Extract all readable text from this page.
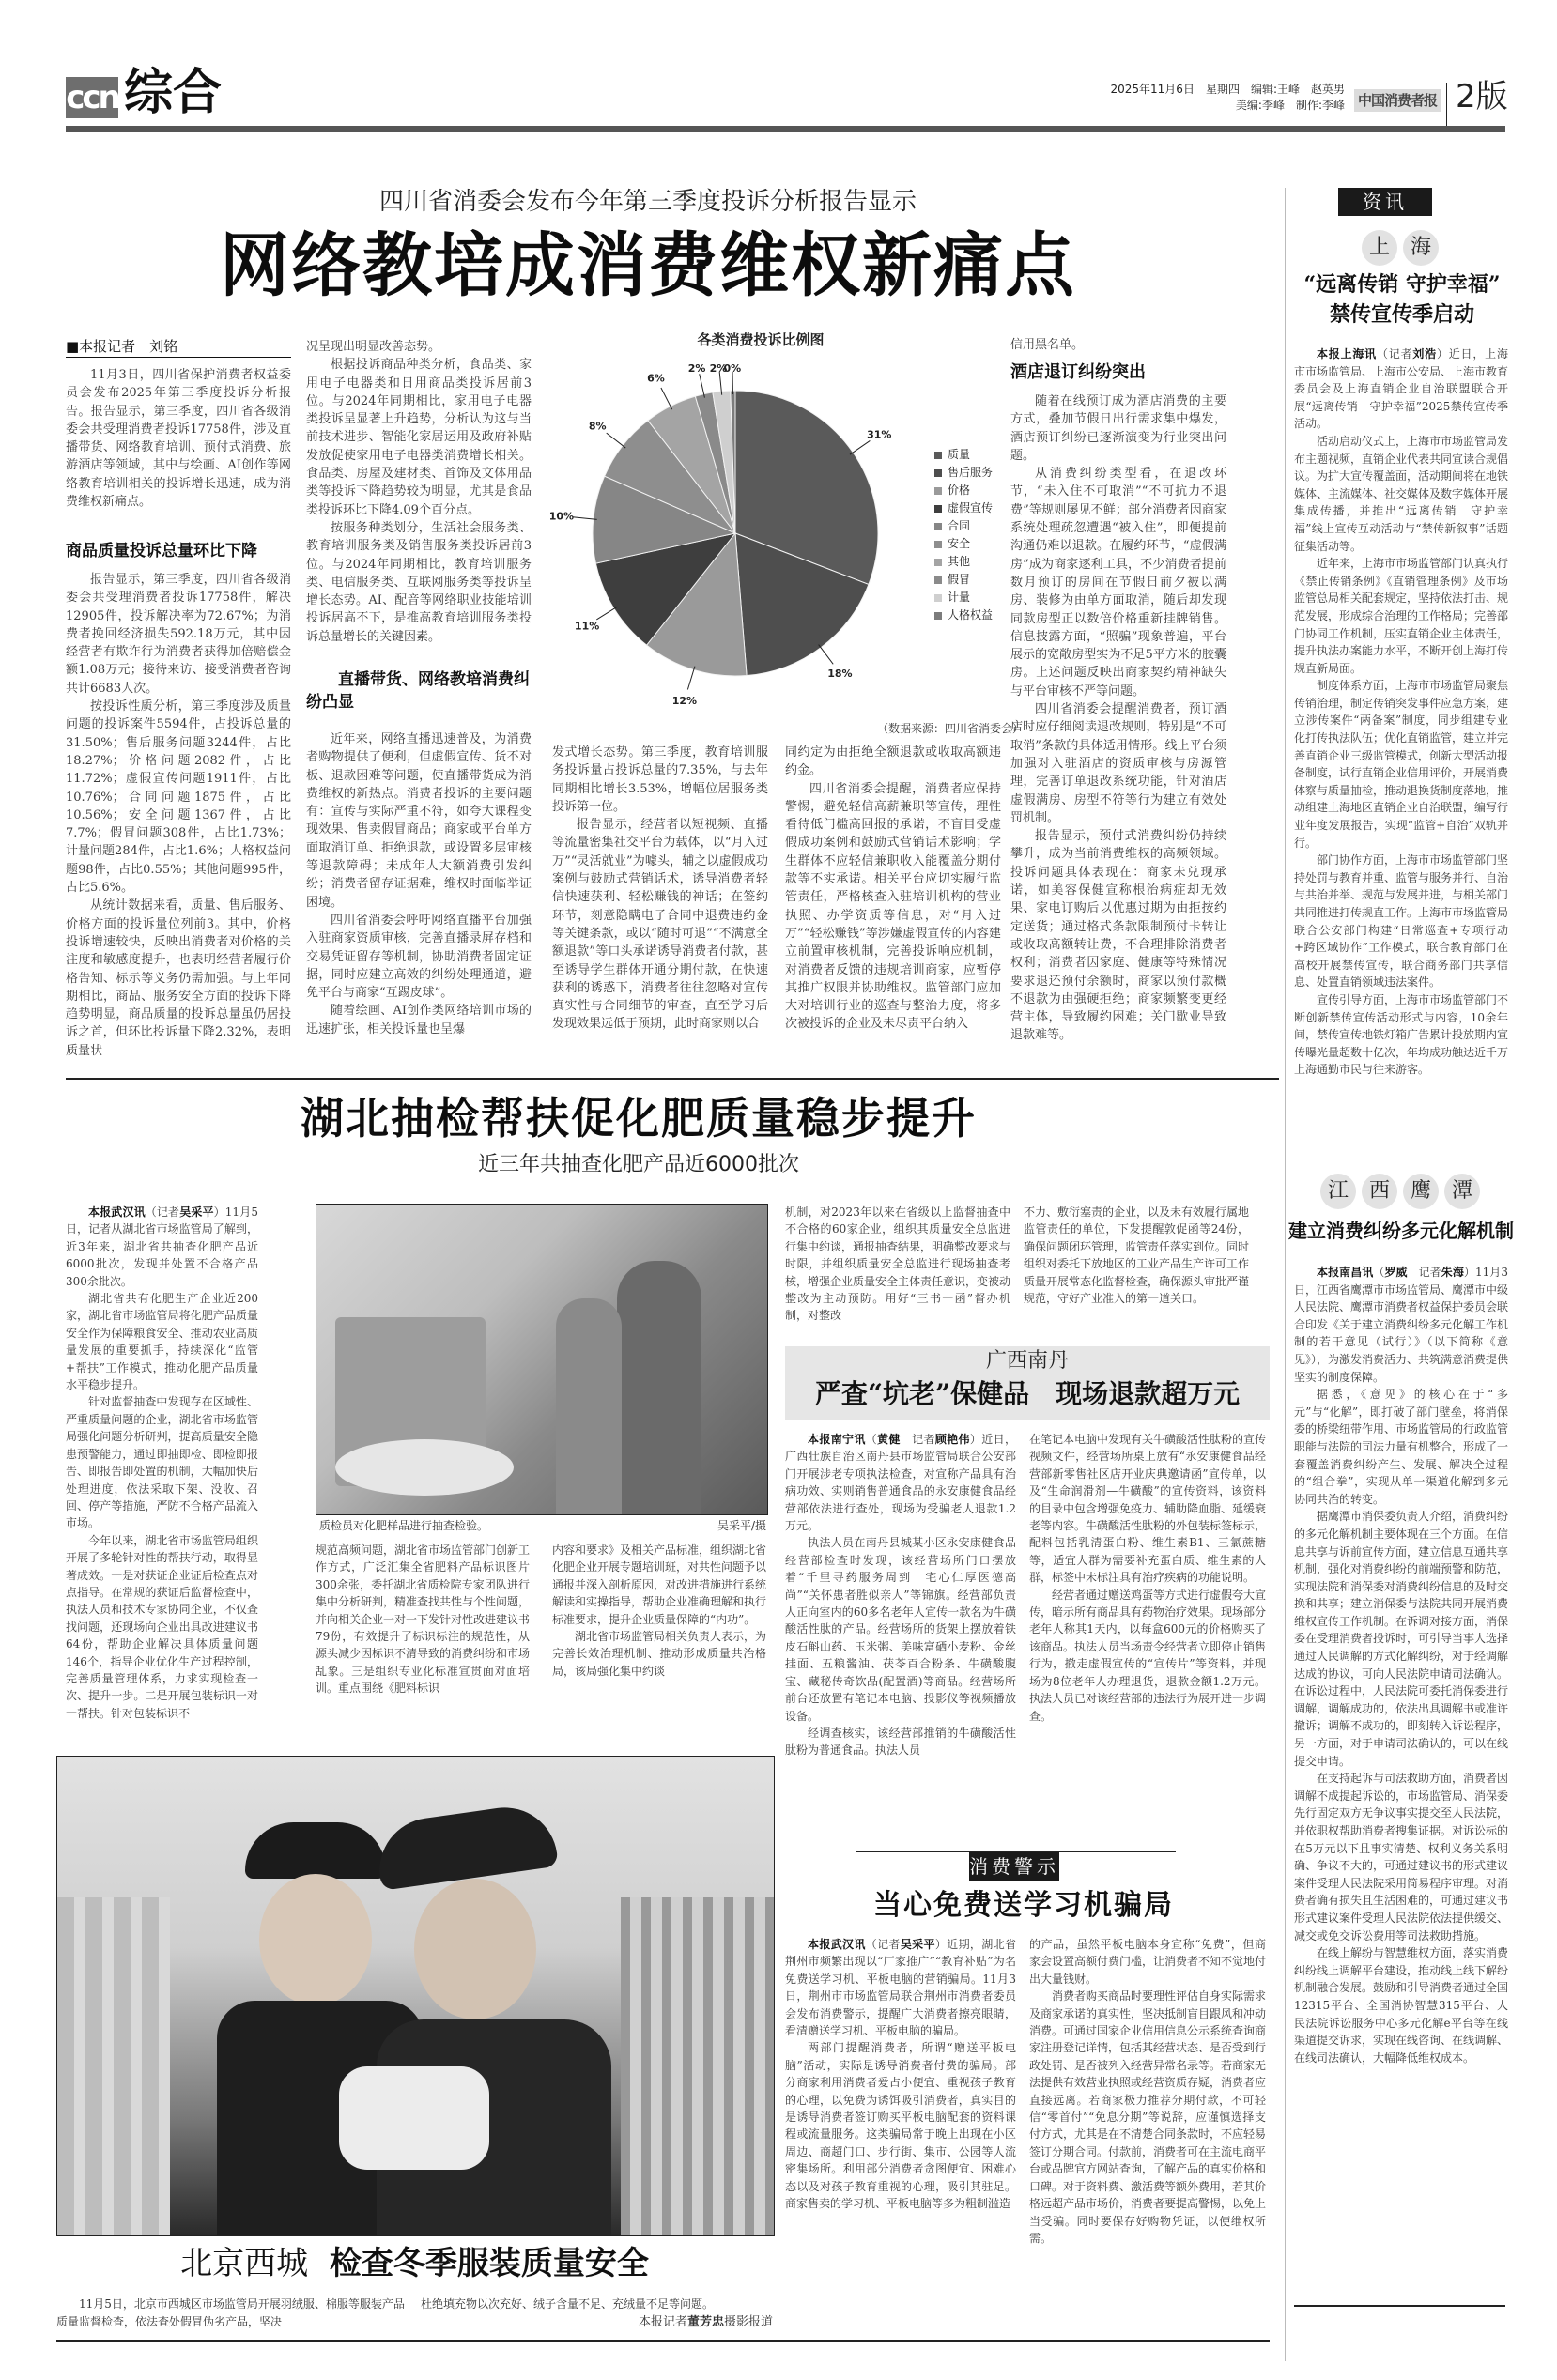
ccn 综合	2025年11月6日　星期四　编辑:王峰　赵英男
美编:李峰　制作:李峰 中国消费者报 2版
四川省消委会发布今年第三季度投诉分析报告显示
网络教培成消费维权新痛点
■本报记者　刘铭

11月3日，四川省保护消费者权益委员会发布2025年第三季度投诉分析报告。报告显示，第三季度，四川省各级消委会共受理消费者投诉17758件，涉及直播带货、网络教育培训、预付式消费、旅游酒店等领域，其中与绘画、AI创作等网络教育培训相关的投诉增长迅速，成为消费维权新痛点。

商品质量投诉总量环比下降

报告显示，第三季度，四川省各级消委会共受理消费者投诉17758件，解决12905件，投诉解决率为72.67%；为消费者挽回经济损失592.18万元，其中因经营者有欺诈行为消费者获得加倍赔偿金额1.08万元；接待来访、接受消费者咨询共计6683人次。

按投诉性质分析，第三季度涉及质量问题的投诉案件5594件，占投诉总量的31.50%；售后服务问题3244件，占比18.27%；价格问题2082件，占比11.72%；虚假宣传问题1911件，占比10.76%；合同问题1875件，占比10.56%；安全问题1367件，占比7.7%；假冒问题308件，占比1.73%；计量问题284件，占比1.6%；人格权益问题98件，占比0.55%；其他问题995件，占比5.6%。

从统计数据来看，质量、售后服务、价格方面的投诉量位列前3。其中，价格投诉增速较快，反映出消费者对价格的关注度和敏感度提升，也表明经营者履行价格告知、标示等义务仍需加强。与上年同期相比，商品、服务安全方面的投诉下降趋势明显，商品质量的投诉总量虽仍居投诉之首，但环比投诉量下降2.32%，表明质量状

况呈现出明显改善态势。

根据投诉商品种类分析，食品类、家用电子电器类和日用商品类投诉居前3位。与2024年同期相比，家用电子电器类投诉呈显著上升趋势，分析认为这与当前技术进步、智能化家居运用及政府补贴发放促使家用电子电器类消费增长相关。食品类、房屋及建材类、首饰及文体用品类等投诉下降趋势较为明显，尤其是食品类投诉环比下降4.09个百分点。

按服务种类划分，生活社会服务类、教育培训服务类及销售服务类投诉居前3位。与2024年同期相比，教育培训服务类、电信服务类、互联网服务类等投诉呈增长态势。AI、配音等网络职业技能培训投诉居高不下，是推高教育培训服务类投诉总量增长的关键因素。

直播带货、网络教培消费纠纷凸显

近年来，网络直播迅速普及，为消费者购物提供了便利，但虚假宣传、货不对板、退款困难等问题，使直播带货成为消费维权的新热点。消费者投诉的主要问题有：宣传与实际严重不符，如夸大课程变现效果、售卖假冒商品；商家或平台单方面取消订单、拒绝退款，或设置多层审核等退款障碍；未成年人大额消费引发纠纷；消费者留存证据难，维权时面临举证困境。

四川省消委会呼吁网络直播平台加强入驻商家资质审核，完善直播录屏存档和交易凭证留存等机制，协助消费者固定证据，同时应建立高效的纠纷处理通道，避免平台与商家“互踢皮球”。

随着绘画、AI创作类网络培训市场的迅速扩张，相关投诉量也呈爆

各类消费投诉比例图
31%
18%
12%
11%
10%
8%
6%
2% 2%
0%
质量
售后服务
价格
虚假宣传
合同
安全
其他
假冒
计量
人格权益
（数据来源：四川省消委会）

发式增长态势。第三季度，教育培训服务投诉量占投诉总量的7.35%，与去年同期相比增长3.53%，增幅位居服务类投诉第一位。

报告显示，经营者以短视频、直播等流量密集社交平台为载体，以“月入过万”“灵活就业”为噱头，辅之以虚假成功案例与鼓励式营销话术，诱导消费者轻信快速获利、轻松赚钱的神话；在签约环节，刻意隐瞒电子合同中退费违约金等关键条款，或以“随时可退”“不满意全额退款”等口头承诺诱导消费者付款，甚至诱导学生群体开通分期付款，在快速获利的诱惑下，消费者往往忽略对宣传真实性与合同细节的审查，直至学习后发现效果远低于预期，此时商家则以合

同约定为由拒绝全额退款或收取高额违约金。

四川省消委会提醒，消费者应保持警惕，避免轻信高薪兼职等宣传，理性看待低门槛高回报的承诺，不盲目受虚假成功案例和鼓励式营销话术影响；学生群体不应轻信兼职收入能覆盖分期付款等不实承诺。相关平台应切实履行监管责任，严格核查入驻培训机构的营业执照、办学资质等信息，对“月入过万”“轻松赚钱”等涉嫌虚假宣传的内容建立前置审核机制，完善投诉响应机制，对消费者反馈的违规培训商家，应暂停其推广权限并协助维权。监管部门应加大对培训行业的巡查与整治力度，将多次被投诉的企业及未尽责平台纳入

信用黑名单。

酒店退订纠纷突出

随着在线预订成为酒店消费的主要方式，叠加节假日出行需求集中爆发，酒店预订纠纷已逐渐演变为行业突出问题。

从消费纠纷类型看，在退改环节，“未入住不可取消”“不可抗力不退费”等规则屡见不鲜；部分消费者因商家系统处理疏忽遭遇“被入住”，即便提前沟通仍难以退款。在履约环节，“虚假满房”成为商家逐利工具，不少消费者提前数月预订的房间在节假日前夕被以满房、装修为由单方面取消，随后却发现同款房型正以数倍价格重新挂牌销售。信息披露方面，“照骗”现象普遍，平台展示的宽敞房型实为不足5平方米的胶囊房。上述问题反映出商家契约精神缺失与平台审核不严等问题。

四川省消委会提醒消费者，预订酒店时应仔细阅读退改规则，特别是“不可取消”条款的具体适用情形。线上平台须加强对入驻酒店的资质审核与房源管理，完善订单退改系统功能，针对酒店虚假满房、房型不符等行为建立有效处罚机制。

报告显示，预付式消费纠纷仍持续攀升，成为当前消费维权的高频领域。投诉问题具体表现在：商家未兑现承诺，如美容保健宣称根治病症却无效果、家电订购后以优惠过期为由拒按约定送货；通过格式条款限制预付卡转让或收取高额转让费，不合理排除消费者权利；消费者因家庭、健康等特殊情况要求退还预付余额时，商家以预付款概不退款为由强硬拒绝；商家频繁变更经营主体，导致履约困难；关门歇业导致退款难等。

资讯
上 海
“远离传销 守护幸福”
禁传宣传季启动

本报上海讯（记者刘浩）近日，上海市市场监管局、上海市公安局、上海市教育委员会及上海直销企业自治联盟联合开展“远离传销　守护幸福”2025禁传宣传季活动。

活动启动仪式上，上海市市场监管局发布主题视频，直销企业代表共同宣读合规倡议。为扩大宣传覆盖面，活动期间将在地铁媒体、主流媒体、社交媒体及数字媒体开展集成传播，并推出“远离传销　守护幸福”线上宣传互动活动与“禁传新叙事”话题征集活动等。

近年来，上海市市场监管部门认真执行《禁止传销条例》《直销管理条例》及市场监管总局相关配套规定，坚持依法打击、规范发展，形成综合治理的工作格局；完善部门协同工作机制，压实直销企业主体责任，提升执法办案能力水平，不断开创上海打传规直新局面。

制度体系方面，上海市市场监管局聚焦传销治理，制定传销突发事件应急方案，建立涉传案件“两备案”制度，同步组建专业化打传执法队伍；优化直销监管，建立并完善直销企业三级监管模式，创新大型活动报备制度，试行直销企业信用评价，开展消费体察与质量抽检，推动退换货制度落地，推动组建上海地区直销企业自治联盟，编写行业年度发展报告，实现“监管+自治”双轨并行。

部门协作方面，上海市市场监管部门坚持处罚与教育并重、监管与服务并行、自治与共治并举、规范与发展并进，与相关部门共同推进打传规直工作。上海市市场监管局联合公安部门构建“日常巡查+专项行动+跨区域协作”工作模式，联合教育部门在高校开展禁传宣传，联合商务部门共享信息、处置直销领域违法案件。

宣传引导方面，上海市市场监管部门不断创新禁传宣传活动形式与内容，10余年间，禁传宣传地铁灯箱广告累计投放期内宣传曝光量超数十亿次，年均成功触达近千万上海通勤市民与往来游客。

江 西 鹰 潭
建立消费纠纷多元化解机制

本报南昌讯（罗威　记者朱海）11月3日，江西省鹰潭市市场监管局、鹰潭市中级人民法院、鹰潭市消费者权益保护委员会联合印发《关于建立消费纠纷多元化解工作机制的若干意见（试行）》（以下简称《意见》），为激发消费活力、共筑满意消费提供坚实的制度保障。

据悉，《意见》的核心在于“多元”与“化解”，即打破了部门壁垒，将消保委的桥梁纽带作用、市场监管局的行政监管职能与法院的司法力量有机整合，形成了一套覆盖消费纠纷产生、发展、解决全过程的“组合拳”，实现从单一渠道化解到多元协同共治的转变。

据鹰潭市消保委负责人介绍，消费纠纷的多元化解机制主要体现在三个方面。在信息共享与诉前宣传方面，建立信息互通共享机制，强化对消费纠纷的前端预警和防范，实现法院和消保委对消费纠纷信息的及时交换和共享；建立消保委与法院共同开展消费维权宣传工作机制。在诉调对接方面，消保委在受理消费者投诉时，可引导当事人选择通过人民调解的方式化解纠纷，对于经调解达成的协议，可向人民法院申请司法确认。在诉讼过程中，人民法院可委托消保委进行调解，调解成功的，依法出具调解书或准许撤诉；调解不成功的，即刻转入诉讼程序，另一方面，对于申请司法确认的，可以在线提交申请。

在支持起诉与司法救助方面，消费者因调解不成提起诉讼的，市场监管局、消保委先行固定双方无争议事实提交至人民法院，并依职权帮助消费者搜集证据。对诉讼标的在5万元以下且事实清楚、权利义务关系明确、争议不大的，可通过建议书的形式建议案件受理人民法院采用简易程序审理。对消费者确有损失且生活困难的，可通过建议书形式建议案件受理人民法院依法提供缓交、减交或免交诉讼费用等司法救助措施。

在线上解纷与智慧维权方面，落实消费纠纷线上调解平台建设，推动线上线下解纷机制融合发展。鼓励和引导消费者通过全国12315平台、全国消协智慧315平台、人民法院诉讼服务中心多元化解e平台等在线渠道提交诉求，实现在线咨询、在线调解、在线司法确认，大幅降低维权成本。

湖北抽检帮扶促化肥质量稳步提升
近三年共抽查化肥产品近6000批次

本报武汉讯（记者吴采平）11月5日，记者从湖北省市场监管局了解到，近3年来，湖北省共抽查化肥产品近6000批次，发现并处置不合格产品300余批次。

湖北省共有化肥生产企业近200家，湖北省市场监管局将化肥产品质量安全作为保障粮食安全、推动农业高质量发展的重要抓手，持续深化“监管+帮扶”工作模式，推动化肥产品质量水平稳步提升。

针对监督抽查中发现存在区域性、严重质量问题的企业，湖北省市场监管局强化问题分析研判，提高质量安全隐患预警能力，通过即抽即检、即检即报告、即报告即处置的机制，大幅加快后处理进度，依法采取下架、没收、召回、停产等措施，严防不合格产品流入市场。

今年以来，湖北省市场监管局组织开展了多轮针对性的帮扶行动，取得显著成效。一是对获证企业证后检查点对点指导。在常规的获证后监督检查中，执法人员和技术专家协同企业，不仅查找问题，还现场向企业出具改进建议书64份，帮助企业解决具体质量问题146个，指导企业优化生产过程控制，完善质量管理体系，力求实现检查一次、提升一步。二是开展包装标识一对一帮扶。针对包装标识不

质检员对化肥样品进行抽查检验。	吴采平/摄

规范高频问题，湖北省市场监管部门创新工作方式，广泛汇集全省肥料产品标识图片300余张，委托湖北省质检院专家团队进行集中分析研判，精准查找共性与个性问题，并向相关企业一对一下发针对性改进建议书79份，有效提升了标识标注的规范性，从源头减少因标识不清导致的消费纠纷和市场乱象。三是组织专业化标准宣贯面对面培训。重点围绕《肥料标识

内容和要求》及相关产品标准，组织湖北省化肥企业开展专题培训班，对共性问题予以通报并深入剖析原因，对改进措施进行系统解读和实操指导，帮助企业准确理解和执行标准要求，提升企业质量保障的“内功”。

湖北省市场监管局相关负责人表示，为完善长效治理机制、推动形成质量共治格局，该局强化集中约谈

机制，对2023年以来在省级以上监督抽查中不合格的60家企业，组织其质量安全总监进行集中约谈，通报抽查结果，明确整改要求与时限，并组织质量安全总监进行现场抽查考核，增强企业质量安全主体责任意识，变被动整改为主动预防。用好“三书一函”督办机制，对整改

不力、敷衍塞责的企业，以及未有效履行属地监管责任的单位，下发提醒敦促函等24份，确保问题闭环管理，监管责任落实到位。同时组织对委托下放地区的工业产品生产许可工作质量开展常态化监督检查，确保源头审批严谨规范，守好产业准入的第一道关口。

广西南丹
严查“坑老”保健品　现场退款超万元

本报南宁讯（黄健　记者顾艳伟）近日，广西壮族自治区南丹县市场监管局联合公安部门开展涉老专项执法检查，对宣称产品具有治病功效、实则销售普通食品的永安康健食品经营部依法进行查处，现场为受骗老人退款1.2万元。

执法人员在南丹县城某小区永安康健食品经营部检查时发现，该经营场所门口摆放着“千里寻药服务周到　宅心仁厚医德高尚”“关怀患者胜似亲人”等锦旗。经营部负责人正向室内的60多名老年人宣传一款名为牛磺酸活性肽的产品。经营场所的货架上摆放着铁皮石斛山药、玉米粥、美味富硒小麦粉、金丝挂面、五粮酱油、茯苓百合粉条、牛磺酸腹宝、藏秘传奇饮品(配置酒)等商品。经营场所前台还放置有笔记本电脑、投影仪等视频播放设备。

经调查核实，该经营部推销的牛磺酸活性肽粉为普通食品。执法人员

在笔记本电脑中发现有关牛磺酸活性肽粉的宣传视频文件，经营场所桌上放有“永安康健食品经营部新零售社区店开业庆典邀请函”宣传单，以及“生命润滑剂—牛磺酸”的宣传资料，该资料的目录中包含增强免疫力、辅助降血脂、延缓衰老等内容。牛磺酸活性肽粉的外包装标签标示，配料包括乳清蛋白粉、维生素B1、三氯蔗糖等，适宜人群为需要补充蛋白质、维生素的人群，标签中未标注具有治疗疾病的功能说明。

经营者通过赠送鸡蛋等方式进行虚假夸大宣传，暗示所有商品具有药物治疗效果。现场部分老年人称其1天内，以每盒600元的价格购买了该商品。执法人员当场责令经营者立即停止销售行为，撤走虚假宣传的“宣传片”等资料，并现场为8位老年人办理退货，退款金额1.2万元。执法人员已对该经营部的违法行为展开进一步调查。

消费警示
当心免费送学习机骗局

本报武汉讯（记者吴采平）近期，湖北省荆州市频繁出现以“厂家推广”“教育补贴”为名免费送学习机、平板电脑的营销骗局。11月3日，荆州市市场监管局联合荆州市消费者委员会发布消费警示，提醒广大消费者擦亮眼睛，看清赠送学习机、平板电脑的骗局。

两部门提醒消费者，所谓“赠送平板电脑”活动，实际是诱导消费者付费的骗局。部分商家利用消费者爱占小便宜、重视孩子教育的心理，以免费为诱饵吸引消费者，真实目的是诱导消费者签订购买平板电脑配套的资料课程或流量服务。这类骗局常于晚上出现在小区周边、商超门口、步行街、集市、公园等人流密集场所。利用部分消费者贪图便宜、困难心态以及对孩子教育重视的心理，吸引其驻足。商家售卖的学习机、平板电脑等多为粗制滥造

的产品，虽然平板电脑本身宣称“免费”，但商家会设置高额付费门槛，让消费者不知不觉地付出大量钱财。

消费者购买商品时要理性评估自身实际需求及商家承诺的真实性，坚决抵制盲目跟风和冲动消费。可通过国家企业信用信息公示系统查询商家注册登记详情，包括其经营状态、是否受到行政处罚、是否被列入经营异常名录等。若商家无法提供有效营业执照或经营资质存疑，消费者应直接远离。若商家极力推荐分期付款，不可轻信“零首付”“免息分期”等说辞，应谨慎选择支付方式，尤其是在不清楚合同条款时，不应轻易签订分期合同。付款前，消费者可在主流电商平台或品牌官方网站查询，了解产品的真实价格和口碑。对于资料费、激活费等额外费用，若其价格远超产品市场价，消费者要提高警惕，以免上当受骗。同时要保存好购物凭证，以便维权所需。

北京西城 检查冬季服装质量安全
11月5日，北京市西城区市场监管局开展羽绒服、棉服等服装产品质量监督检查，依法查处假冒伪劣产品，坚决
杜绝填充物以次充好、绒子含量不足、充绒量不足等问题。
本报记者董芳忠摄影报道
